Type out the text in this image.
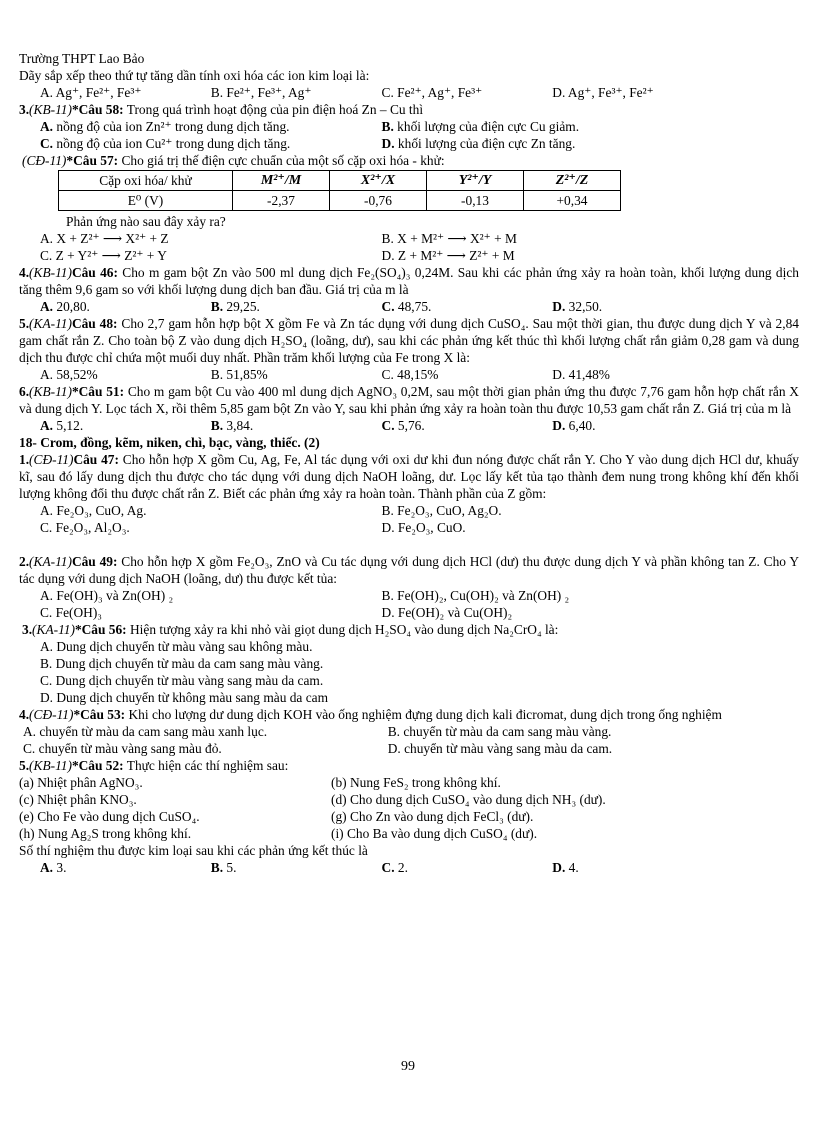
Trường THPT Lao Bảo
Dãy sắp xếp theo thứ tự tăng dần tính oxi hóa các ion kim loại là:
A. Ag⁺, Fe²⁺, Fe³⁺	B. Fe²⁺, Fe³⁺, Ag⁺	C. Fe²⁺, Ag⁺, Fe³⁺	D. Ag⁺, Fe³⁺, Fe²⁺
3.(KB-11)*Câu 58: Trong quá trình hoạt động của pin điện hoá Zn – Cu thì
A. nồng độ của ion Zn²⁺ trong dung dịch tăng.	B. khối lượng của điện cực Cu giảm.
C. nồng độ của ion Cu²⁺ trong dung dịch tăng.	D. khối lượng của điện cực Zn tăng.
(CĐ-11)*Câu 57: Cho giá trị thế điện cực chuẩn của một số cặp oxi hóa - khử:
Cặp oxi hóa/ khử	M²⁺/M	X²⁺/X	Y²⁺/Y	Z²⁺/Z
E⁰ (V)	-2,37	-0,76	-0,13	+0,34
Phản ứng nào sau đây xảy ra?
A. X + Z²⁺ ⟶ X²⁺ + Z	B. X + M²⁺ ⟶ X²⁺ + M
C. Z + Y²⁺ ⟶ Z²⁺ + Y	D. Z + M²⁺ ⟶ Z²⁺ + M
4.(KB-11)Câu 46: Cho m gam bột Zn vào 500 ml dung dịch Fe₂(SO₄)₃ 0,24M. Sau khi các phản ứng xảy ra hoàn toàn, khối lượng dung dịch tăng thêm 9,6 gam so với khối lượng dung dịch ban đầu. Giá trị của m là
A. 20,80.	B. 29,25.	C. 48,75.	D. 32,50.
5.(KA-11)Câu 48: Cho 2,7 gam hỗn hợp bột X gồm Fe và Zn tác dụng với dung dịch CuSO₄. Sau một thời gian, thu được dung dịch Y và 2,84 gam chất rắn Z. Cho toàn bộ Z vào dung dịch H₂SO₄ (loãng, dư), sau khi các phản ứng kết thúc thì khối lượng chất rắn giảm 0,28 gam và dung dịch thu được chỉ chứa một muối duy nhất. Phần trăm khối lượng của Fe trong X là:
A. 58,52%	B. 51,85%	C. 48,15%	D. 41,48%
6.(KB-11)*Câu 51: Cho m gam bột Cu vào 400 ml dung dịch AgNO₃ 0,2M, sau một thời gian phản ứng thu được 7,76 gam hỗn hợp chất rắn X và dung dịch Y. Lọc tách X, rồi thêm 5,85 gam bột Zn vào Y, sau khi phản ứng xảy ra hoàn toàn thu được 10,53 gam chất rắn Z. Giá trị của m là
A. 5,12.	B. 3,84.	C. 5,76.	D. 6,40.
18- Crom, đồng, kẽm, niken, chì, bạc, vàng, thiếc. (2)
1.(CĐ-11)Câu 47: Cho hỗn hợp X gồm Cu, Ag, Fe, Al tác dụng với oxi dư khi đun nóng được chất rắn Y. Cho Y vào dung dịch HCl dư, khuấy kĩ, sau đó lấy dung dịch thu được cho tác dụng với dung dịch NaOH loãng, dư. Lọc lấy kết tủa tạo thành đem nung trong không khí đến khối lượng không đổi thu được chất rắn Z. Biết các phản ứng xảy ra hoàn toàn. Thành phần của Z gồm:
A. Fe₂O₃, CuO, Ag.	B. Fe₂O₃, CuO, Ag₂O.
C. Fe₂O₃, Al₂O₃.	D. Fe₂O₃, CuO.
2.(KA-11)Câu 49: Cho hỗn hợp X gồm Fe₂O₃, ZnO và Cu tác dụng với dung dịch HCl (dư) thu được dung dịch Y và phần không tan Z. Cho Y tác dụng với dung dịch NaOH (loãng, dư) thu được kết tủa:
A. Fe(OH)₃ và Zn(OH) ₂	B. Fe(OH)₂, Cu(OH)₂ và Zn(OH) ₂
C. Fe(OH)₃	D. Fe(OH)₂ và Cu(OH)₂
3.(KA-11)*Câu 56: Hiện tượng xảy ra khi nhỏ vài giọt dung dịch H₂SO₄ vào dung dịch Na₂CrO₄ là:
A. Dung dịch chuyển từ màu vàng sau không màu.
B. Dung dịch chuyển từ màu da cam sang màu vàng.
C. Dung dịch chuyển từ màu vàng sang màu da cam.
D. Dung dịch chuyển từ không màu sang màu da cam
4.(CĐ-11)*Câu 53: Khi cho lượng dư dung dịch KOH vào ống nghiệm đựng dung dịch kali đicromat, dung dịch trong ống nghiệm
A. chuyển từ màu da cam sang màu xanh lục.	B. chuyển từ màu da cam sang màu vàng.
C. chuyển từ màu vàng sang màu đỏ.	D. chuyển từ màu vàng sang màu da cam.
5.(KB-11)*Câu 52: Thực hiện các thí nghiệm sau:
(a) Nhiệt phân AgNO₃.	(b) Nung FeS₂ trong không khí.
(c) Nhiệt phân KNO₃.	(d) Cho dung dịch CuSO₄ vào dung dịch NH₃ (dư).
(e) Cho Fe vào dung dịch CuSO₄.	(g) Cho Zn vào dung dịch FeCl₃ (dư).
(h) Nung Ag₂S trong không khí.	(i) Cho Ba vào dung dịch CuSO₄ (dư).
Số thí nghiệm thu được kim loại sau khi các phản ứng kết thúc là
A. 3.	B. 5.	C. 2.	D. 4.
99
